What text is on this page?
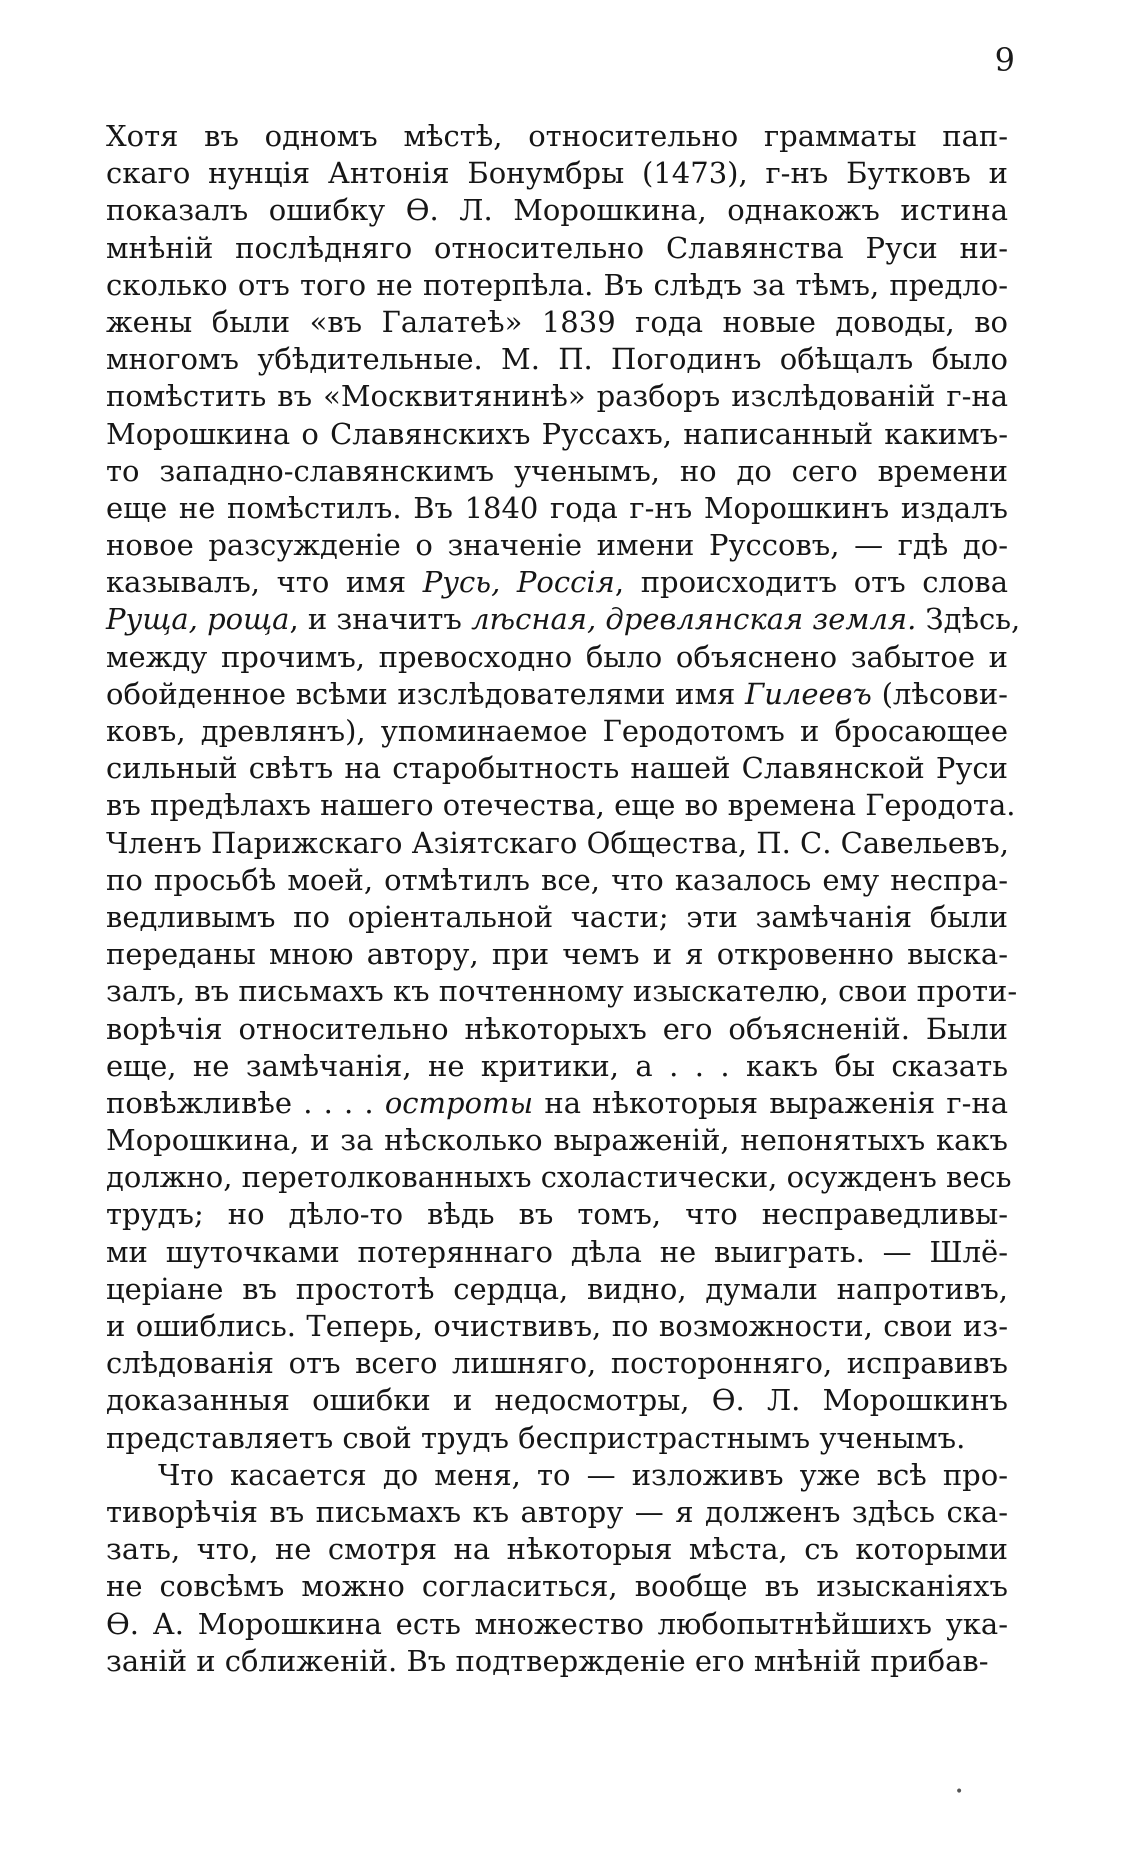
9
Хотя въ одномъ мѣстѣ, относительно граммaты пап-
скаго нунція Антонія Бонумбры (1473), г-нъ Бутковъ и
показалъ ошибку Ѳ. Л. Морошкина, однакожъ истина
мнѣній послѣдняго относительно Славянства Руси ни-
сколько отъ того не потерпѣла. Въ слѣдъ за тѣмъ, предло-
жены были «въ Галатеѣ» 1839 года новые доводы, во
многомъ убѣдительные. М. П. Погодинъ обѣщалъ было
помѣстить въ «Москвитянинѣ» разборъ изслѣдованій г-на
Морошкина о Славянскихъ Руссахъ, написанный какимъ-
то западно-славянскимъ ученымъ, но до сего времени
еще не помѣстилъ. Въ 1840 года г-нъ Морошкинъ издалъ
новое разсужденіе о значеніе имени Руссовъ, — гдѣ до-
казывалъ, что имя Русь, Россія, происходитъ отъ слова
Руща, роща, и значитъ лѣсная, древлянская земля. Здѣсь,
между прочимъ, превосходно было объяснено забытое и
обойденное всѣми изслѣдователями имя Гилеевъ (лѣсови-
ковъ, древлянъ), упоминаемое Геродотомъ и бросающее
сильный свѣтъ на старобытность нашей Славянской Руси
въ предѣлахъ нашего отечества, еще во времена Геродота.
Членъ Парижскаго Азіятскаго Общества, П. С. Савельевъ,
по просьбѣ моей, отмѣтилъ все, что казалось ему неспра-
ведливымъ по оріентальной части; эти замѣчанія были
переданы мною автору, при чемъ и я откровенно выска-
залъ, въ письмахъ къ почтенному изыскателю, свои проти-
ворѣчія относительно нѣкоторыхъ его объясненій. Были
еще, не замѣчанія, не критики, а . . . какъ бы сказать
повѣжливѣе . . . . остроты на нѣкоторыя выраженія г-на
Морошкина, и за нѣсколько выраженій, непонятыхъ какъ
должно, перетолкованныхъ схоластически, осужденъ весь
трудъ; но дѣло-то вѣдь въ томъ, что несправедливы-
ми шуточками потеряннаго дѣла не выиграть. — Шлё-
церіане въ простотѣ сердца, видно, думали напротивъ,
и ошиблись. Теперь, очиствивъ, по возможности, свои из-
слѣдованія отъ всего лишняго, посторонняго, исправивъ
доказанныя ошибки и недосмотры, Ѳ. Л. Морошкинъ
представляетъ свой трудъ беспристрастнымъ ученымъ.
Что касается до меня, то — изложивъ уже всѣ про-
тиворѣчія въ письмахъ къ автору — я долженъ здѣсь ска-
зать, что, не смотря на нѣкоторыя мѣста, съ которыми
не совсѣмъ можно согласиться, вообще въ изысканіяхъ
Ѳ. А. Морошкина есть множество любопытнѣйшихъ ука-
заній и сближеній. Въ подтвержденіе его мнѣній прибав-
•
